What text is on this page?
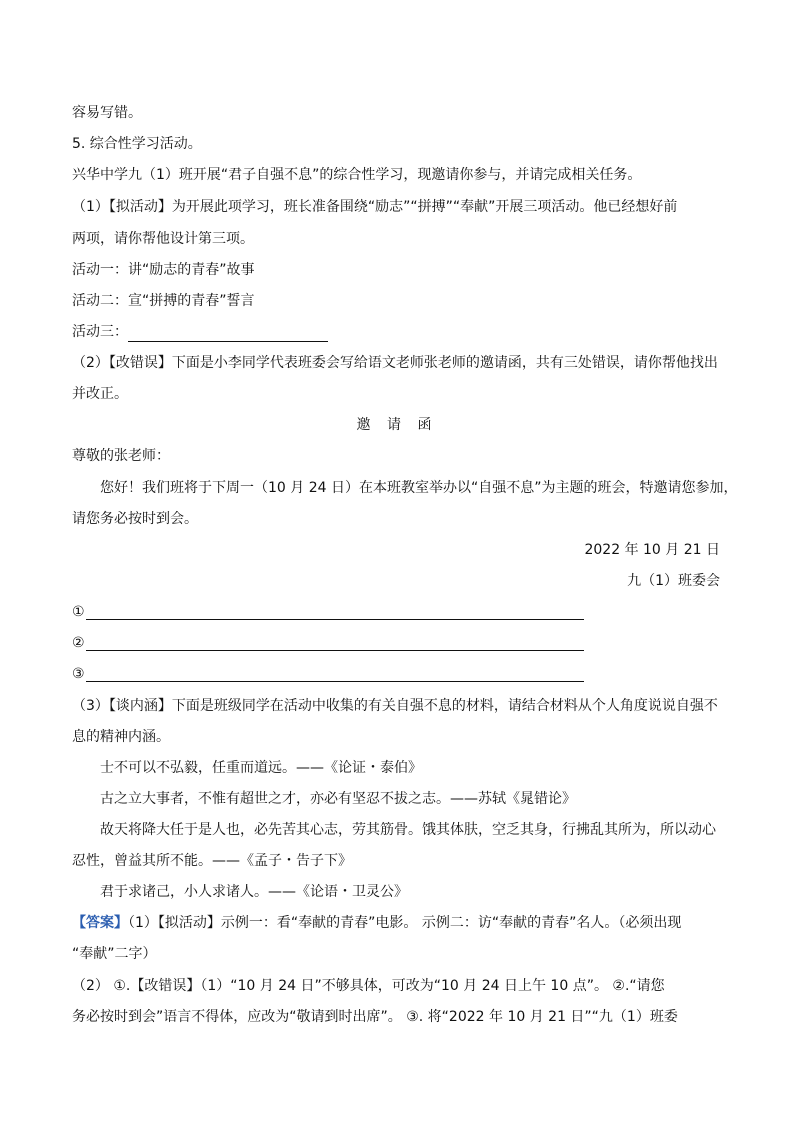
容易写错。
5. 综合性学习活动。
兴华中学九（1）班开展“君子自强不息”的综合性学习，现邀请你参与，并请完成相关任务。
（1）【拟活动】为开展此项学习，班长准备围绕“励志”“拼搏”“奉献”开展三项活动。他已经想好前
两项，请你帮他设计第三项。
活动一：讲“励志的青春”故事
活动二：宣“拼搏的青春”誓言
活动三：
（2）【改错误】下面是小李同学代表班委会写给语文老师张老师的邀请函，共有三处错误，请你帮他找出
并改正。
邀 请 函
尊敬的张老师：
您好！我们班将于下周一（10 月 24 日）在本班教室举办以“自强不息”为主题的班会，特邀请您参加，
请您务必按时到会。
2022 年 10 月 21 日
九（1）班委会
①
②
③
（3）【谈内涵】下面是班级同学在活动中收集的有关自强不息的材料，请结合材料从个人角度说说自强不
息的精神内涵。
士不可以不弘毅，任重而道远。——《论证・泰伯》
古之立大事者，不惟有超世之才，亦必有坚忍不拔之志。——苏轼《晁错论》
故天将降大任于是人也，必先苦其心志，劳其筋骨。饿其体肤，空乏其身，行拂乱其所为，所以动心
忍性，曾益其所不能。——《孟子・告子下》
君于求诸己，小人求诸人。——《论语・卫灵公》
【答案】（1）【拟活动】示例一：看“奉献的青春”电影。 示例二：访“奉献的青春”名人。（必须出现
“奉献”二字）
（2） ①.【改错误】（1）“10 月 24 日”不够具体，可改为“10 月 24 日上午 10 点”。 ②.“请您
务必按时到会”语言不得体，应改为“敬请到时出席”。 ③. 将“2022 年 10 月 21 日”“九（1）班委
